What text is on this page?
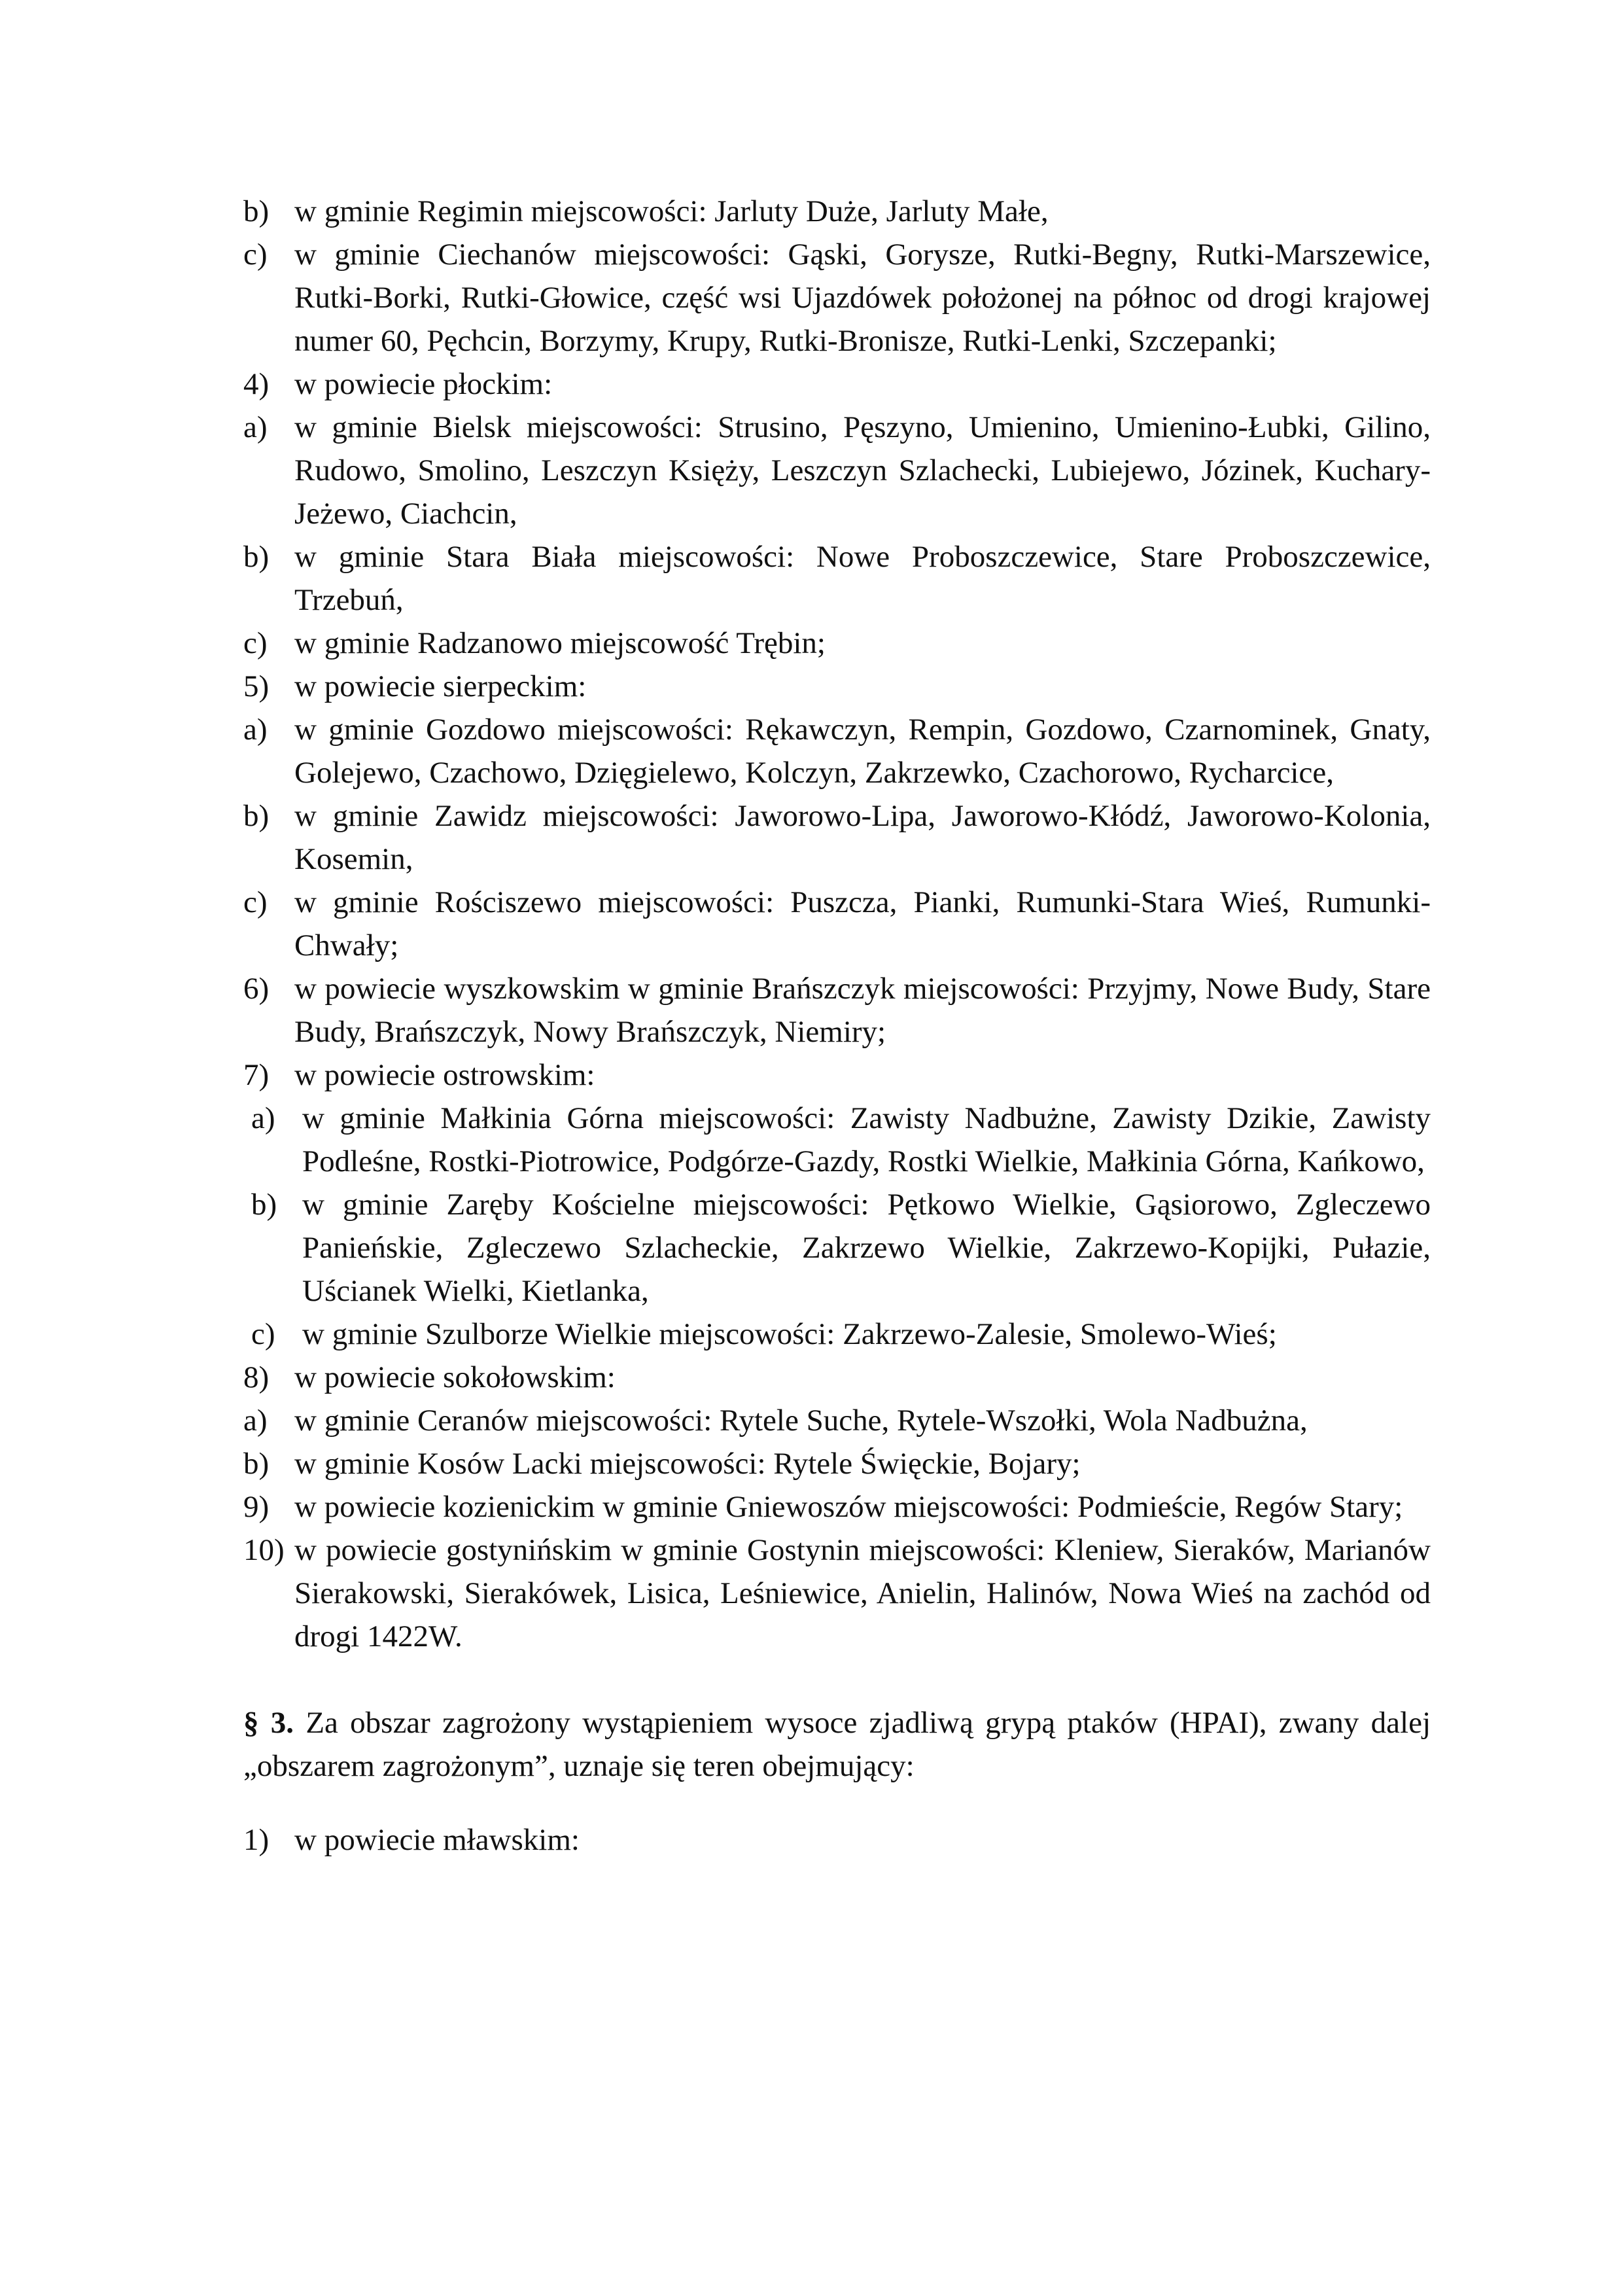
b) w gminie Regimin miejscowości: Jarluty Duże, Jarluty Małe,

c) w gminie Ciechanów miejscowości: Gąski, Gorysze, Rutki-Begny, Rutki-Marszewice, Rutki-Borki, Rutki-Głowice, część wsi Ujazdówek położonej na północ od drogi krajowej numer 60, Pęchcin, Borzymy, Krupy, Rutki-Bronisze, Rutki-Lenki, Szczepanki;

4) w powiecie płockim:

a) w gminie Bielsk miejscowości: Strusino, Pęszyno, Umienino, Umienino-Łubki, Gilino, Rudowo, Smolino, Leszczyn Księży, Leszczyn Szlachecki, Lubiejewo, Józinek, Kuchary-Jeżewo, Ciachcin,

b) w gminie Stara Biała miejscowości: Nowe Proboszczewice, Stare Proboszczewice, Trzebuń,

c) w gminie Radzanowo miejscowość Trębin;

5) w powiecie sierpeckim:

a) w gminie Gozdowo miejscowości: Rękawczyn, Rempin, Gozdowo, Czarnominek, Gnaty, Golejewo, Czachowo, Dzięgielewo, Kolczyn, Zakrzewko, Czachorowo, Rycharcice,

b) w gminie Zawidz miejscowości: Jaworowo-Lipa, Jaworowo-Kłódź, Jaworowo-Kolonia, Kosemin,

c) w gminie Rościszewo miejscowości: Puszcza, Pianki, Rumunki-Stara Wieś, Rumunki-Chwały;

6) w powiecie wyszkowskim w gminie Brańszczyk miejscowości: Przyjmy, Nowe Budy, Stare Budy, Brańszczyk, Nowy Brańszczyk, Niemiry;

7) w powiecie ostrowskim:

a) w gminie Małkinia Górna miejscowości: Zawisty Nadbużne, Zawisty Dzikie, Zawisty Podleśne, Rostki-Piotrowice, Podgórze-Gazdy, Rostki Wielkie, Małkinia Górna, Kańkowo,

b) w gminie Zaręby Kościelne miejscowości: Pętkowo Wielkie, Gąsiorowo, Zgleczewo Panieńskie, Zgleczewo Szlacheckie, Zakrzewo Wielkie, Zakrzewo-Kopijki, Pułazie, Uścianek Wielki, Kietlanka,

c) w gminie Szulborze Wielkie miejscowości: Zakrzewo-Zalesie, Smolewo-Wieś;

8) w powiecie sokołowskim:

a) w gminie Ceranów miejscowości: Rytele Suche, Rytele-Wszołki, Wola Nadbużna,

b) w gminie Kosów Lacki miejscowości: Rytele Święckie, Bojary;

9) w powiecie kozienickim w gminie Gniewoszów miejscowości: Podmieście, Regów Stary;

10) w powiecie gostynińskim w gminie Gostynin miejscowości: Kleniew, Sieraków, Marianów Sierakowski, Sierakówek, Lisica, Leśniewice, Anielin, Halinów, Nowa Wieś na zachód od drogi 1422W.

§ 3. Za obszar zagrożony wystąpieniem wysoce zjadliwą grypą ptaków (HPAI), zwany dalej „obszarem zagrożonym”, uznaje się teren obejmujący:

1) w powiecie mławskim:
